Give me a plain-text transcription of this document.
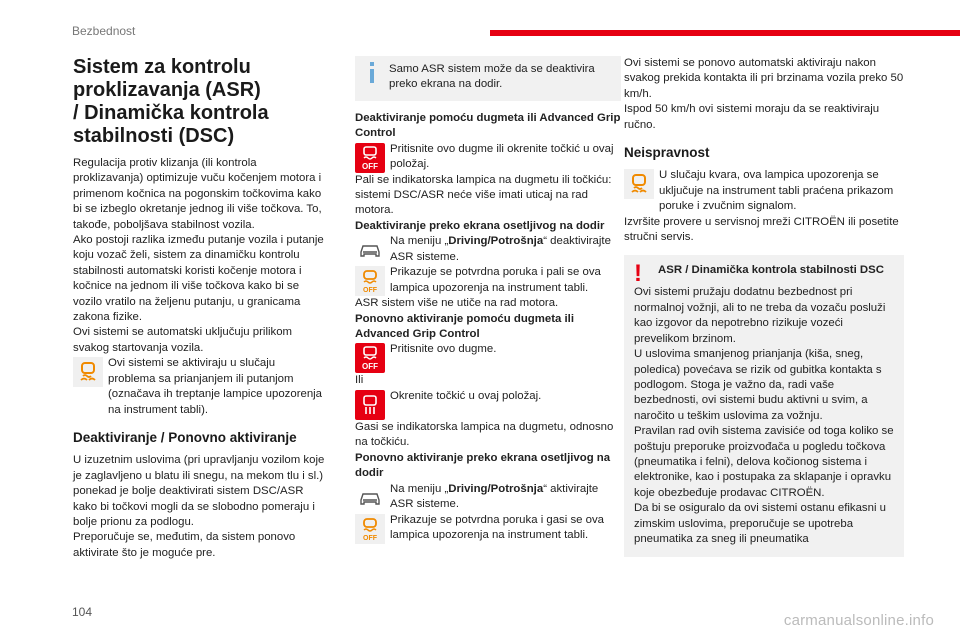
Bezbednost
Sistem za kontrolu
proklizavanja (ASR)
/ Dinamička kontrola
stabilnosti (DSC)

Regulacija protiv klizanja (ili kontrola proklizavanja) optimizuje vuču kočenjem motora i primenom kočnica na pogonskim točkovima kako bi se izbeglo okretanje jednog ili više točkova. To, takođe, poboljšava stabilnost vozila.

Ako postoji razlika između putanje vozila i putanje koju vozač želi, sistem za dinamičku kontrolu stabilnosti automatski koristi kočenje motora i kočnice na jednom ili više točkova kako bi se vozilo vratilo na željenu putanju, u granicama zakona fizike.

Ovi sistemi se automatski uključuju prilikom svakog startovanja vozila.

Ovi sistemi se aktiviraju u slučaju problema sa prianjanjem ili putanjom (označava ih treptanje lampice upozorenja na instrument tabli).
Deaktiviranje / Ponovno aktiviranje

U izuzetnim uslovima (pri upravljanju vozilom koje je zaglavljeno u blatu ili snegu, na mekom tlu i sl.) ponekad je bolje deaktivirati sistem DSC/ASR kako bi točkovi mogli da se slobodno pomeraju i bolje prionu za podlogu.

Preporučuje se, međutim, da sistem ponovo aktivirate što je moguće pre.

Samo ASR sistem može da se deaktivira preko ekrana na dodir.

Deaktiviranje pomoću dugmeta ili Advanced Grip Control

OFF
Pritisnite ovo dugme ili okrenite točkić u ovaj položaj.

Pali se indikatorska lampica na dugmetu ili točkiću: sistemi DSC/ASR neće više imati uticaj na rad motora.

Deaktiviranje preko ekrana osetljivog na dodir

Na meniju „Driving/Potrošnja“ deaktivirajte ASR sisteme.
OFF
Prikazuje se potvrdna poruka i pali se ova lampica upozorenja na instrument tabli.

ASR sistem više ne utiče na rad motora.

Ponovno aktiviranje pomoću dugmeta ili Advanced Grip Control

OFF
Pritisnite ovo dugme.

Ili

Okrenite točkić u ovaj položaj.

Gasi se indikatorska lampica na dugmetu, odnosno na točkiću.

Ponovno aktiviranje preko ekrana osetljivog na dodir

Na meniju „Driving/Potrošnja“ aktivirajte ASR sisteme.
OFF
Prikazuje se potvrdna poruka i gasi se ova lampica upozorenja na instrument tabli.

Ovi sistemi se ponovo automatski aktiviraju nakon svakog prekida kontakta ili pri brzinama vozila preko 50 km/h.

Ispod 50 km/h ovi sistemi moraju da se reaktiviraju ručno.

Neispravnost
U slučaju kvara, ova lampica upozorenja se uključuje na instrument tabli praćena prikazom poruke i zvučnim signalom.

Izvršite provere u servisnoj mreži CITROËN ili posetite stručni servis.

!	ASR / Dinamička kontrola stabilnosti DSC

Ovi sistemi pružaju dodatnu bezbednost pri normalnoj vožnji, ali to ne treba da vozaču posluži kao izgovor da nepotrebno rizikuje vozeći prevelikom brzinom.

U uslovima smanjenog prianjanja (kiša, sneg, poledica) povećava se rizik od gubitka kontakta s podlogom. Stoga je važno da, radi vaše bezbednosti, ovi sistemi budu aktivni u svim, a naročito u teškim uslovima za vožnju.

Pravilan rad ovih sistema zavisiće od toga koliko se poštuju preporuke proizvođača u pogledu točkova (pneumatika i felni), delova kočionog sistema i elektronike, kao i postupaka za sklapanje i opravku koje obezbeđuje prodavac CITROËN.

Da bi se osiguralo da ovi sistemi ostanu efikasni u zimskim uslovima, preporučuje se upotreba pneumatika za sneg ili pneumatika

104	carmanualsonline.info
